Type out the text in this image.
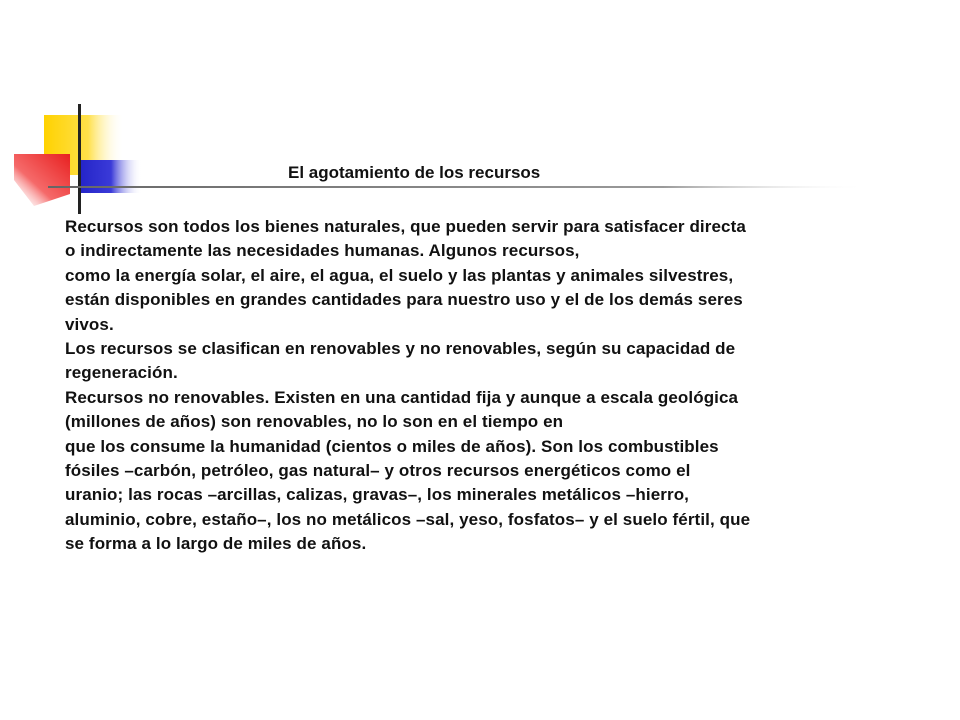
El agotamiento de los recursos

Recursos son todos los bienes naturales, que pueden servir para satisfacer directa
o indirectamente las necesidades humanas. Algunos recursos,
como la energía solar, el aire, el agua, el suelo y las plantas y animales silvestres,
están disponibles en grandes cantidades para nuestro uso y el de los demás seres
vivos.

Los recursos se clasifican en renovables y no renovables, según su capacidad de
regeneración.

Recursos no renovables. Existen en una cantidad fija y aunque a escala geológica
(millones de años) son renovables, no lo son en el tiempo en
que los consume la humanidad (cientos o miles de años). Son los combustibles
fósiles –carbón, petróleo, gas natural– y otros recursos energéticos como el
uranio; las rocas –arcillas, calizas, gravas–, los minerales metálicos –hierro,
aluminio, cobre, estaño–, los no metálicos –sal, yeso, fosfatos– y el suelo fértil, que
se forma a lo largo de miles de años.
